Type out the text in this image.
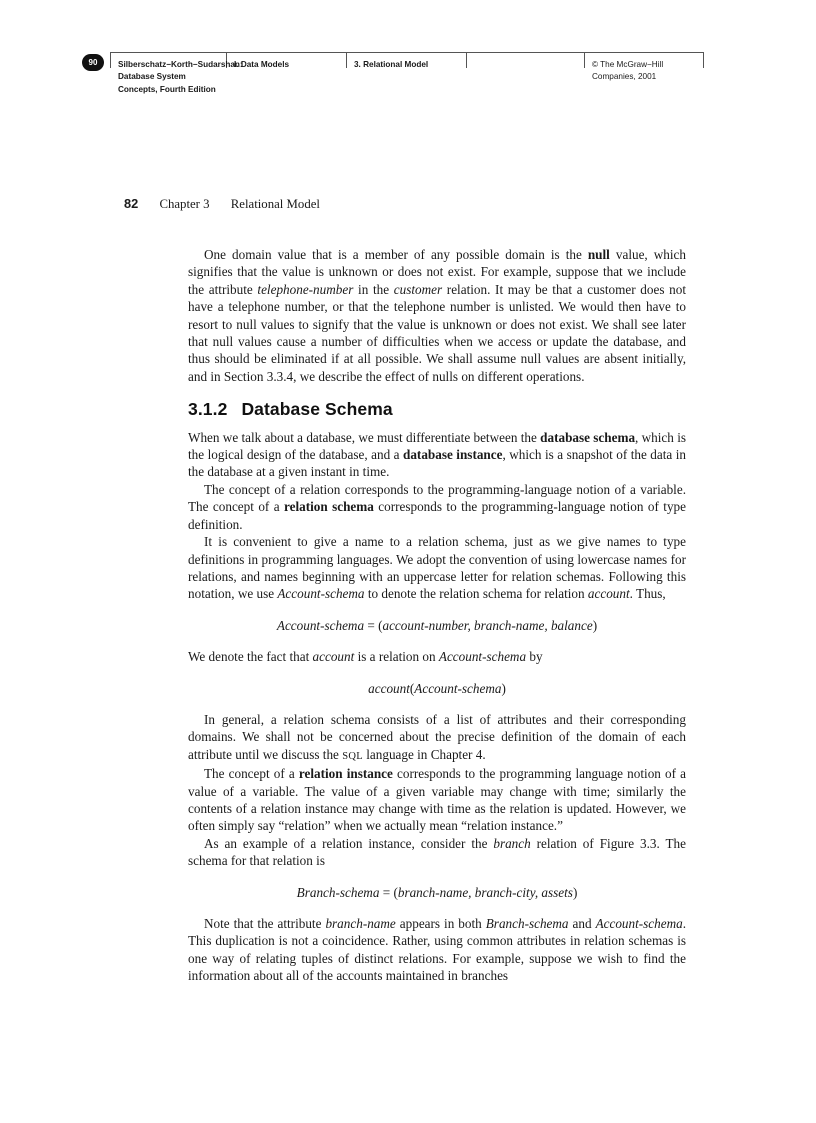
90	Silberschatz−Korth−Sudarshan:
Database System
Concepts, Fourth Edition
I. Data Models	3. Relational Model	© The McGraw−Hill
Companies, 2001
82 Chapter 3 Relational Model

One domain value that is a member of any possible domain is the null value, which signifies that the value is unknown or does not exist. For example, suppose that we include the attribute telephone-number in the customer relation. It may be that a customer does not have a telephone number, or that the telephone number is unlisted. We would then have to resort to null values to signify that the value is unknown or does not exist. We shall see later that null values cause a number of difficulties when we access or update the database, and thus should be eliminated if at all possible. We shall assume null values are absent initially, and in Section 3.3.4, we describe the effect of nulls on different operations.

3.1.2 Database Schema

When we talk about a database, we must differentiate between the database schema, which is the logical design of the database, and a database instance, which is a snapshot of the data in the database at a given instant in time.

The concept of a relation corresponds to the programming-language notion of a variable. The concept of a relation schema corresponds to the programming-language notion of type definition.

It is convenient to give a name to a relation schema, just as we give names to type definitions in programming languages. We adopt the convention of using lowercase names for relations, and names beginning with an uppercase letter for relation schemas. Following this notation, we use Account-schema to denote the relation schema for relation account. Thus,

Account-schema = (account-number, branch-name, balance)

We denote the fact that account is a relation on Account-schema by

account(Account-schema)

In general, a relation schema consists of a list of attributes and their corresponding domains. We shall not be concerned about the precise definition of the domain of each attribute until we discuss the SQL language in Chapter 4.

The concept of a relation instance corresponds to the programming language notion of a value of a variable. The value of a given variable may change with time; similarly the contents of a relation instance may change with time as the relation is updated. However, we often simply say “relation” when we actually mean “relation instance.”

As an example of a relation instance, consider the branch relation of Figure 3.3. The schema for that relation is

Branch-schema = (branch-name, branch-city, assets)

Note that the attribute branch-name appears in both Branch-schema and Account-schema. This duplication is not a coincidence. Rather, using common attributes in relation schemas is one way of relating tuples of distinct relations. For example, suppose we wish to find the information about all of the accounts maintained in branches
